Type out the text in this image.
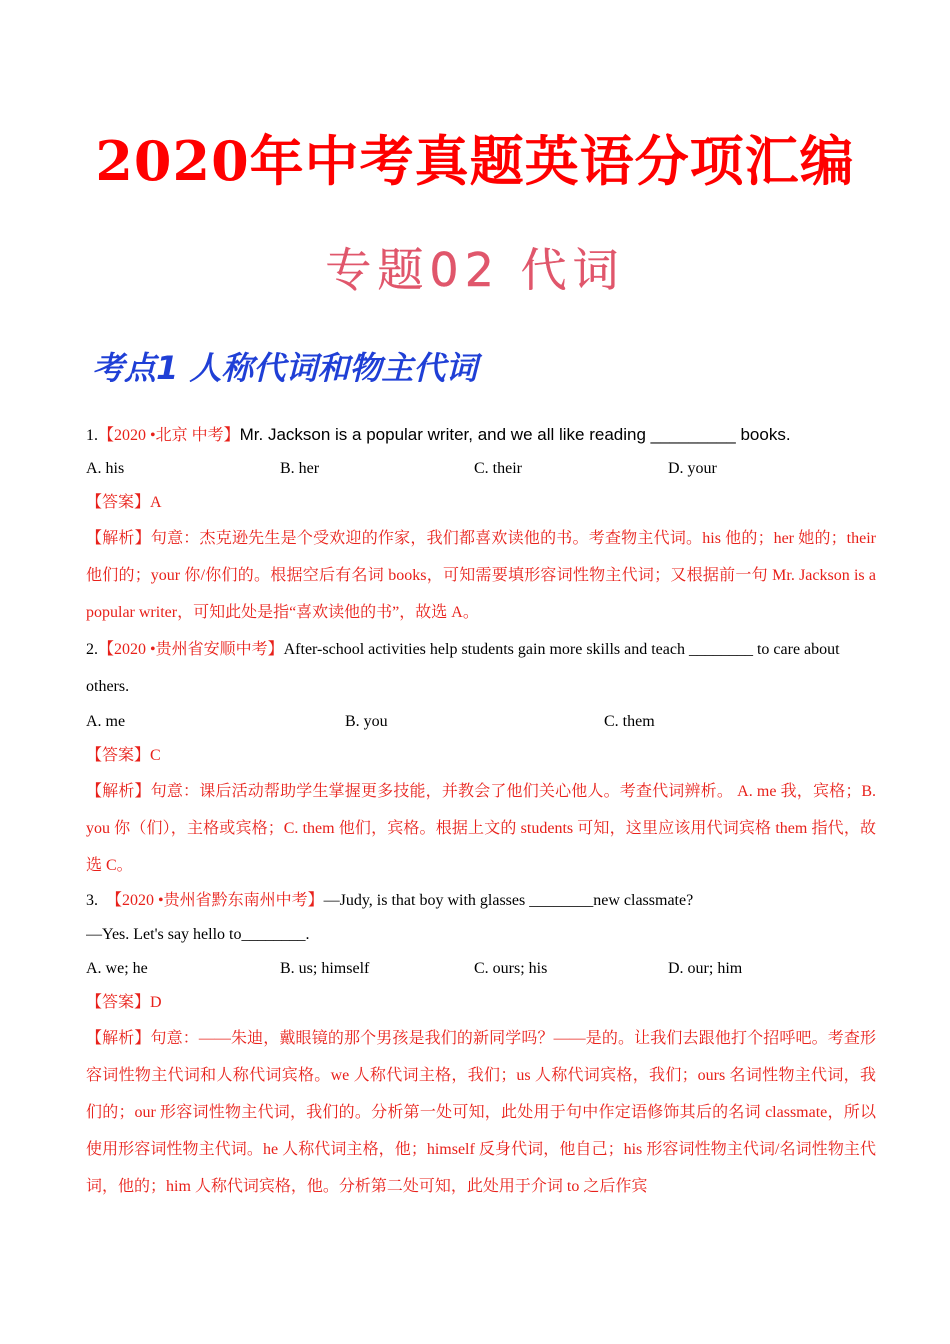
2020年中考真题英语分项汇编
专题02 代词
考点1 人称代词和物主代词
1.【2020 •北京 中考】Mr. Jackson is a popular writer, and we all like reading _________ books.
A. his	B. her	C. their	D. your
【答案】A
【解析】句意：杰克逊先生是个受欢迎的作家，我们都喜欢读他的书。考查物主代词。his 他的；her 她的；their 他们的；your 你/你们的。根据空后有名词 books，可知需要填形容词性物主代词；又根据前一句 Mr. Jackson is a popular writer，可知此处是指“喜欢读他的书”，故选 A。
2.【2020 •贵州省安顺中考】After-school activities help students gain more skills and teach ________ to care about others.
A. me	B. you	C. them
【答案】C
【解析】句意：课后活动帮助学生掌握更多技能，并教会了他们关心他人。考查代词辨析。 A. me 我，宾格；B. you 你（们），主格或宾格；C. them 他们，宾格。根据上文的 students 可知，这里应该用代词宾格 them 指代，故选 C。
3. 【2020 •贵州省黔东南州中考】—Judy, is that boy with glasses ________new classmate?
—Yes. Let's say hello to________.
A. we; he	B. us; himself	C. ours; his	D. our; him
【答案】D
【解析】句意：——朱迪，戴眼镜的那个男孩是我们的新同学吗？——是的。让我们去跟他打个招呼吧。考查形容词性物主代词和人称代词宾格。we 人称代词主格，我们；us 人称代词宾格，我们；ours 名词性物主代词，我们的；our 形容词性物主代词，我们的。分析第一处可知，此处用于句中作定语修饰其后的名词 classmate，所以使用形容词性物主代词。he 人称代词主格，他；himself 反身代词，他自己；his 形容词性物主代词/名词性物主代词，他的；him 人称代词宾格，他。分析第二处可知，此处用于介词 to 之后作宾
